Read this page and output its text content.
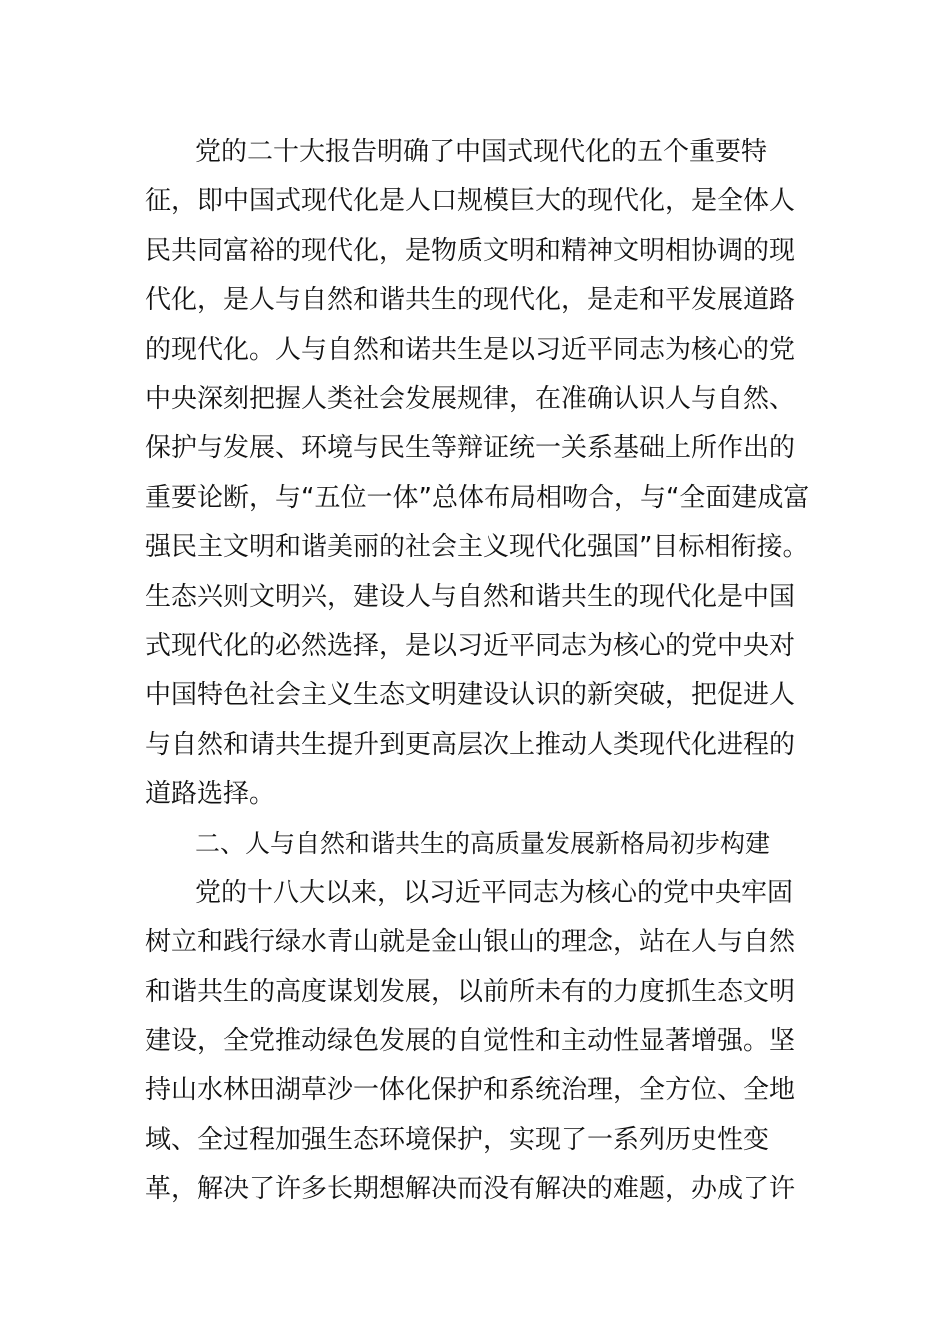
党的二十大报告明确了中国式现代化的五个重要特
征，即中国式现代化是人口规模巨大的现代化，是全体人
民共同富裕的现代化，是物质文明和精神文明相协调的现
代化，是人与自然和谐共生的现代化，是走和平发展道路
的现代化。人与自然和诺共生是以习近平同志为核心的党
中央深刻把握人类社会发展规律，在准确认识人与自然、
保护与发展、环境与民生等辩证统一关系基础上所作出的
重要论断，与“五位一体”总体布局相吻合，与“全面建成富
强民主文明和谐美丽的社会主义现代化强国”目标相衔接。
生态兴则文明兴，建设人与自然和谐共生的现代化是中国
式现代化的必然选择，是以习近平同志为核心的党中央对
中国特色社会主义生态文明建设认识的新突破，把促进人
与自然和请共生提升到更高层次上推动人类现代化进程的
道路选择。
二、人与自然和谐共生的高质量发展新格局初步构建
党的十八大以来，以习近平同志为核心的党中央牢固
树立和践行绿水青山就是金山银山的理念，站在人与自然
和谐共生的高度谋划发展，以前所未有的力度抓生态文明
建设，全党推动绿色发展的自觉性和主动性显著增强。坚
持山水林田湖草沙一体化保护和系统治理，全方位、全地
域、全过程加强生态环境保护，实现了一系列历史性变
革，解决了许多长期想解决而没有解决的难题，办成了许
